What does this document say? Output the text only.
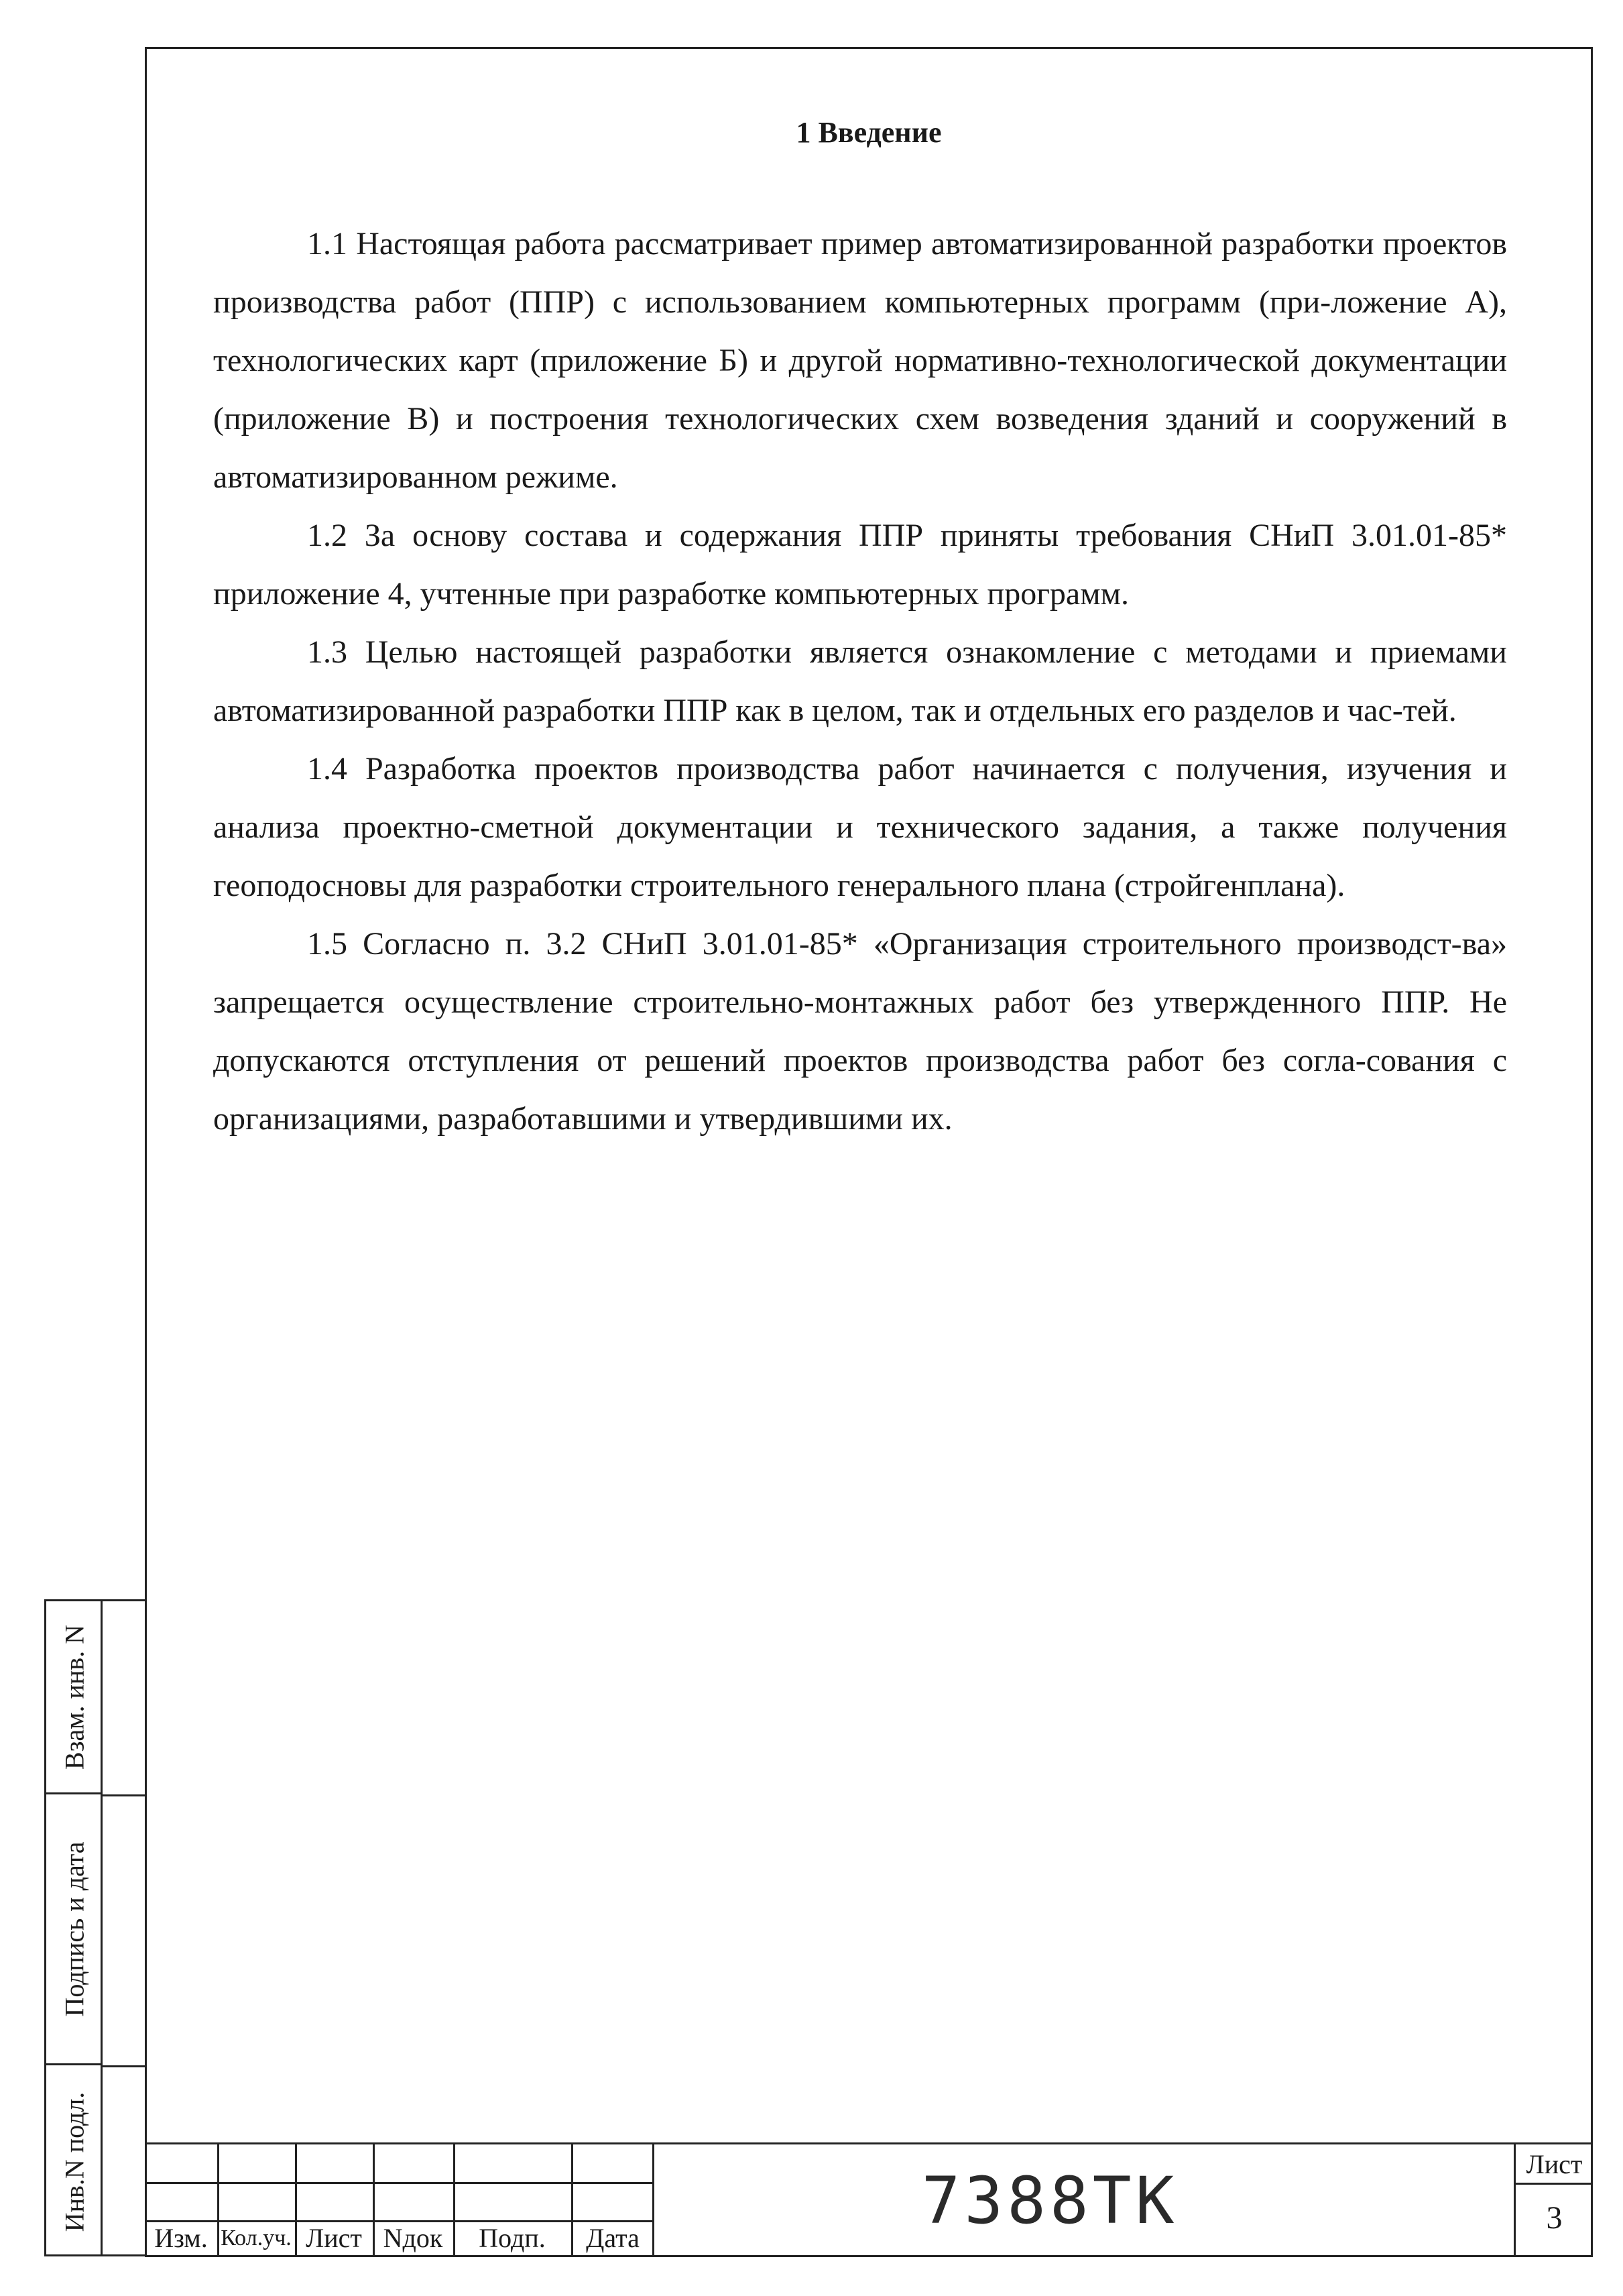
1 Введение

1.1 Настоящая работа рассматривает пример автоматизированной разработки проектов производства работ (ППР) с использованием компьютерных программ (при-ложение А), технологических карт (приложение Б) и другой нормативно-технологической документации (приложение В) и построения технологических схем возведения зданий и сооружений в автоматизированном режиме.

1.2 За основу состава и содержания ППР приняты требования СНиП 3.01.01-85* приложение 4, учтенные при разработке компьютерных программ.

1.3 Целью настоящей разработки является ознакомление с методами и приемами автоматизированной разработки ППР как в целом, так и отдельных его разделов и час-тей.

1.4 Разработка проектов производства работ начинается с получения, изучения и анализа проектно-сметной документации и технического задания, а также получения геоподосновы для разработки строительного генерального плана (стройгенплана).

1.5 Согласно п. 3.2 СНиП 3.01.01-85* «Организация строительного производст-ва» запрещается осуществление строительно-монтажных работ без утвержденного ППР. Не допускаются отступления от решений проектов производства работ без согла-сования с организациями, разработавшими и утвердившими их.

Взам. инв. N
Подпись и дата
Инв.N подл.
Изм. Кол.уч. Лист Nдок	Подп.	Дата	7388ТК	Лист
3
